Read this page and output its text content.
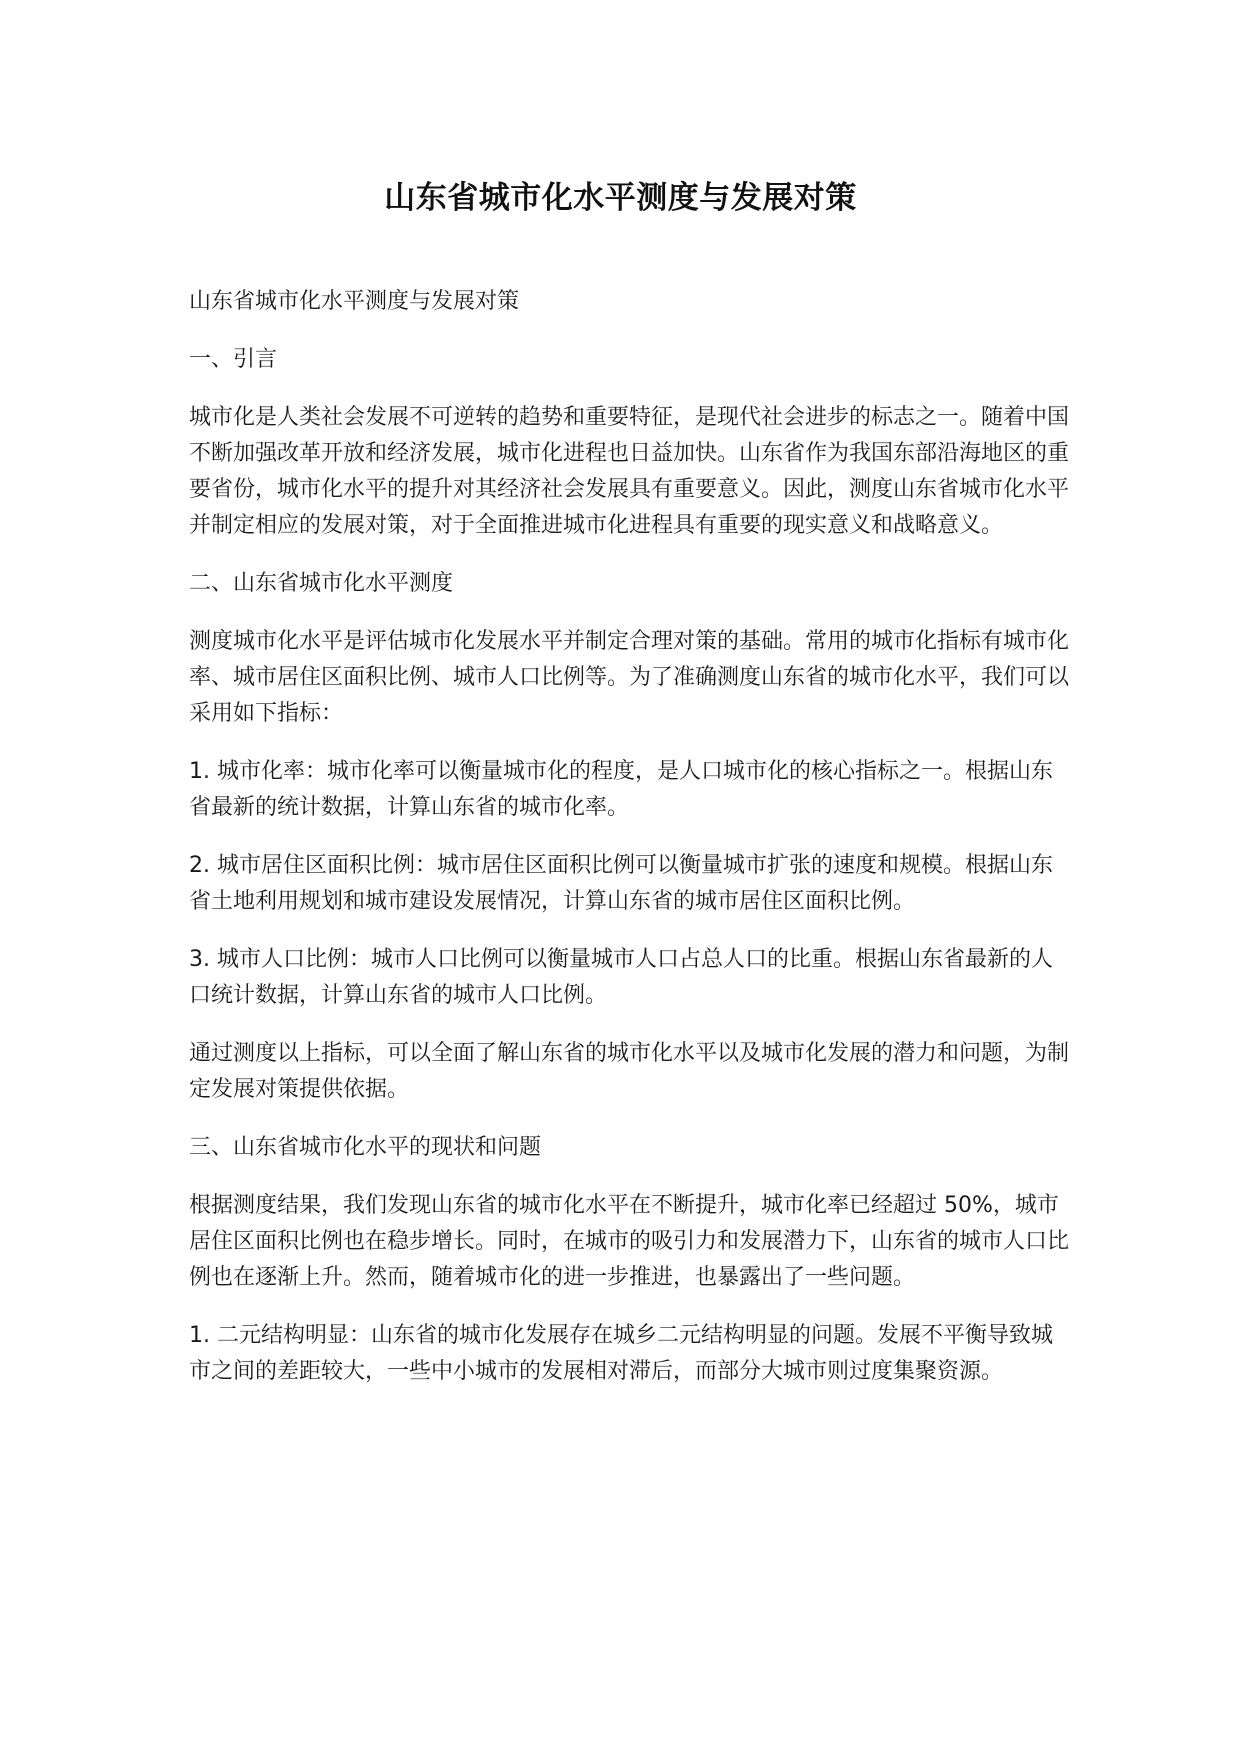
山东省城市化水平测度与发展对策

山东省城市化水平测度与发展对策

一、引言

城市化是人类社会发展不可逆转的趋势和重要特征，是现代社会进步的标志之一。随着中国不断加强改革开放和经济发展，城市化进程也日益加快。山东省作为我国东部沿海地区的重要省份，城市化水平的提升对其经济社会发展具有重要意义。因此，测度山东省城市化水平并制定相应的发展对策，对于全面推进城市化进程具有重要的现实意义和战略意义。

二、山东省城市化水平测度

测度城市化水平是评估城市化发展水平并制定合理对策的基础。常用的城市化指标有城市化率、城市居住区面积比例、城市人口比例等。为了准确测度山东省的城市化水平，我们可以采用如下指标：

1. 城市化率：城市化率可以衡量城市化的程度，是人口城市化的核心指标之一。根据山东省最新的统计数据，计算山东省的城市化率。

2. 城市居住区面积比例：城市居住区面积比例可以衡量城市扩张的速度和规模。根据山东省土地利用规划和城市建设发展情况，计算山东省的城市居住区面积比例。

3. 城市人口比例：城市人口比例可以衡量城市人口占总人口的比重。根据山东省最新的人口统计数据，计算山东省的城市人口比例。

通过测度以上指标，可以全面了解山东省的城市化水平以及城市化发展的潜力和问题，为制定发展对策提供依据。

三、山东省城市化水平的现状和问题

根据测度结果，我们发现山东省的城市化水平在不断提升，城市化率已经超过 50%，城市居住区面积比例也在稳步增长。同时，在城市的吸引力和发展潜力下，山东省的城市人口比例也在逐渐上升。然而，随着城市化的进一步推进，也暴露出了一些问题。

1. 二元结构明显：山东省的城市化发展存在城乡二元结构明显的问题。发展不平衡导致城市之间的差距较大，一些中小城市的发展相对滞后，而部分大城市则过度集聚资源。
